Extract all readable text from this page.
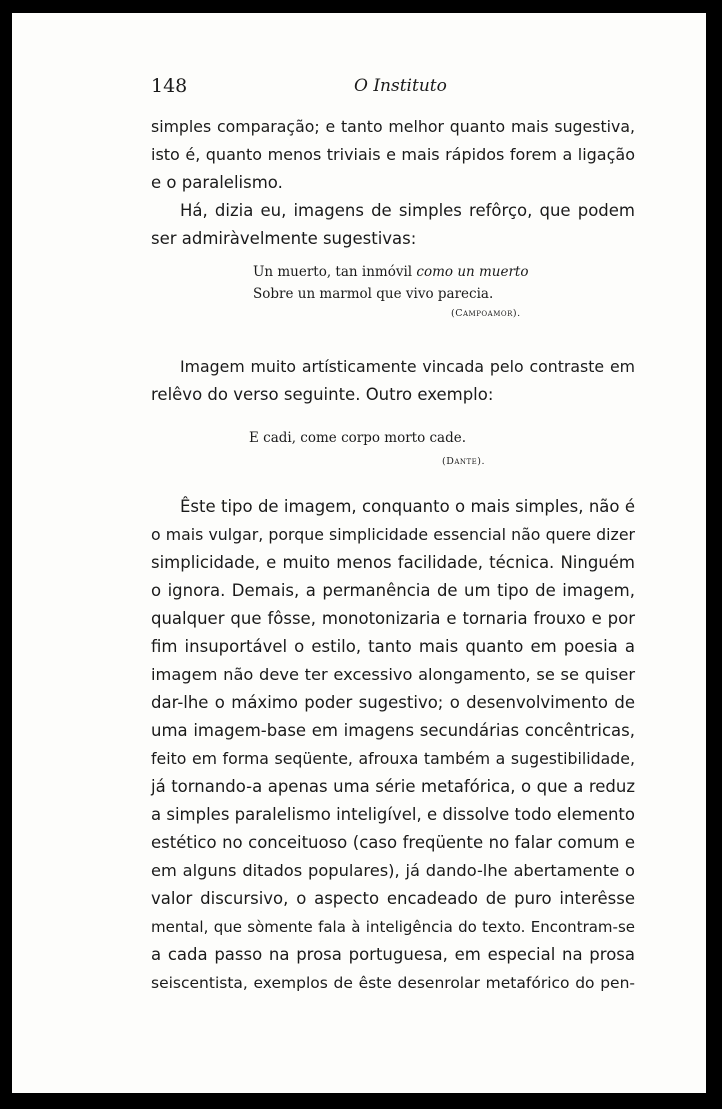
148	O Instituto
simples comparação; e tanto melhor quanto mais sugestiva,
isto é, quanto menos triviais e mais rápidos forem a ligação
e o paralelismo.
Há, dizia eu, imagens de simples refôrço, que podem
ser admiràvelmente sugestivas:
Un muerto, tan inmóvil como un muerto
Sobre un marmol que vivo parecia.
(Campoamor).
Imagem muito artísticamente vincada pelo contraste em
relêvo do verso seguinte. Outro exemplo:
E cadi, come corpo morto cade.
(Dante).
Êste tipo de imagem, conquanto o mais simples, não é
o mais vulgar, porque simplicidade essencial não quere dizer
simplicidade, e muito menos facilidade, técnica. Ninguém
o ignora. Demais, a permanência de um tipo de imagem,
qualquer que fôsse, monotonizaria e tornaria frouxo e por
fim insuportável o estilo, tanto mais quanto em poesia a
imagem não deve ter excessivo alongamento, se se quiser
dar-lhe o máximo poder sugestivo; o desenvolvimento de
uma imagem-base em imagens secundárias concêntricas,
feito em forma seqüente, afrouxa também a sugestibilidade,
já tornando-a apenas uma série metafórica, o que a reduz
a simples paralelismo inteligível, e dissolve todo elemento
estético no conceituoso (caso freqüente no falar comum e
em alguns ditados populares), já dando-lhe abertamente o
valor discursivo, o aspecto encadeado de puro interêsse
mental, que sòmente fala à inteligência do texto. Encontram-se
a cada passo na prosa portuguesa, em especial na prosa
seiscentista, exemplos de êste desenrolar metafórico do pen-
